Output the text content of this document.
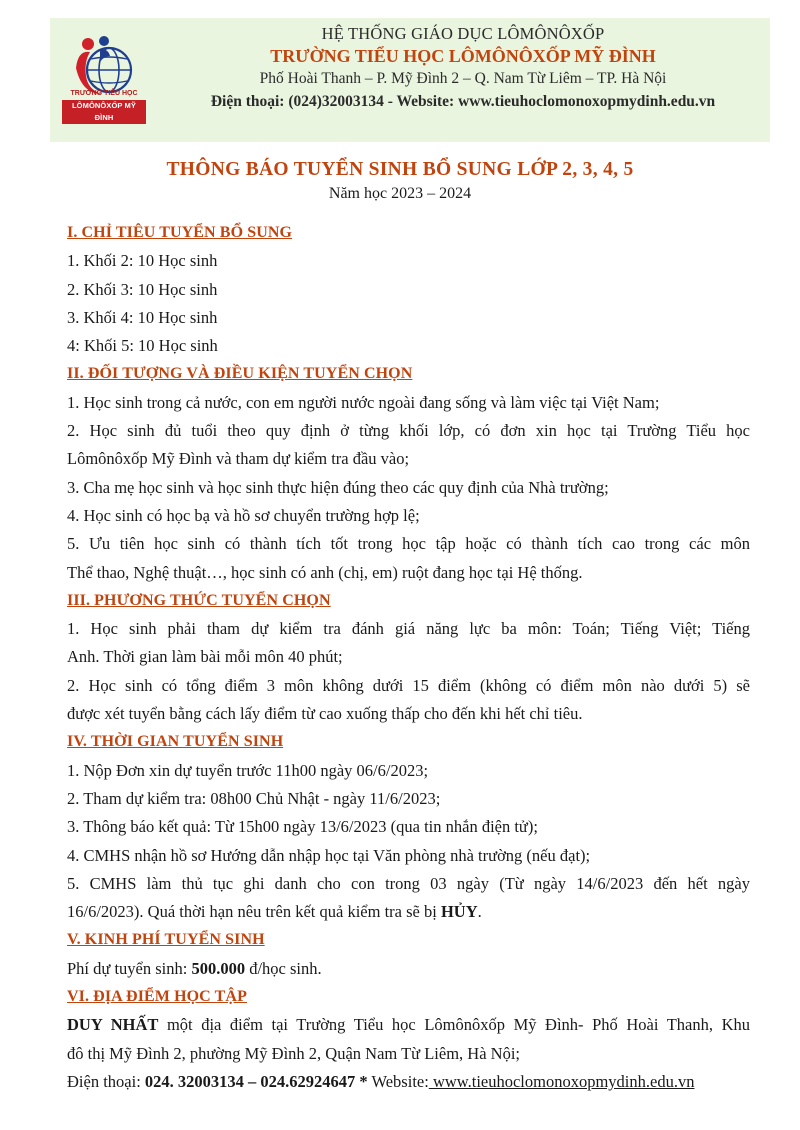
TRƯỜNG TIỂU HỌC
LÔMÔNÔXỐP MỸ ĐÌNH
HỆ THỐNG GIÁO DỤC LÔMÔNÔXỐP
TRƯỜNG TIỂU HỌC LÔMÔNÔXỐP MỸ ĐÌNH
Phố Hoài Thanh – P. Mỹ Đình 2 – Q. Nam Từ Liêm – TP. Hà Nội
Điện thoại: (024)32003134 - Website: www.tieuhoclomonoxopmydinh.edu.vn
THÔNG BÁO TUYỂN SINH BỔ SUNG LỚP 2, 3, 4, 5
Năm học 2023 – 2024
I. CHỈ TIÊU TUYỂN BỔ SUNG
1. Khối 2: 10 Học sinh
2. Khối 3: 10 Học sinh
3. Khối 4: 10 Học sinh
4: Khối 5: 10 Học sinh
II. ĐỐI TƯỢNG VÀ ĐIỀU KIỆN TUYỂN CHỌN
1. Học sinh trong cả nước, con em người nước ngoài đang sống và làm việc tại Việt Nam;
2. Học sinh đủ tuổi theo quy định ở từng khối lớp, có đơn xin học tại Trường Tiểu học
Lômônôxốp Mỹ Đình và tham dự kiểm tra đầu vào;
3. Cha mẹ học sinh và học sinh thực hiện đúng theo các quy định của Nhà trường;
4. Học sinh có học bạ và hồ sơ chuyển trường hợp lệ;
5. Ưu tiên học sinh có thành tích tốt trong học tập hoặc có thành tích cao trong các môn
Thể thao, Nghệ thuật…, học sinh có anh (chị, em) ruột đang học tại Hệ thống.
III. PHƯƠNG THỨC TUYỂN CHỌN
1. Học sinh phải tham dự kiểm tra đánh giá năng lực ba môn: Toán; Tiếng Việt; Tiếng
Anh. Thời gian làm bài mỗi môn 40 phút;
2. Học sinh có tổng điểm 3 môn không dưới 15 điểm (không có điểm môn nào dưới 5) sẽ
được xét tuyển bằng cách lấy điểm từ cao xuống thấp cho đến khi hết chỉ tiêu.
IV. THỜI GIAN TUYỂN SINH
1. Nộp Đơn xin dự tuyển trước 11h00 ngày 06/6/2023;
2. Tham dự kiểm tra: 08h00 Chủ Nhật - ngày 11/6/2023;
3. Thông báo kết quả: Từ 15h00 ngày 13/6/2023 (qua tin nhắn điện tử);
4. CMHS nhận hồ sơ Hướng dẫn nhập học tại Văn phòng nhà trường (nếu đạt);
5. CMHS làm thủ tục ghi danh cho con trong 03 ngày (Từ ngày 14/6/2023 đến hết ngày
16/6/2023). Quá thời hạn nêu trên kết quả kiểm tra sẽ bị HỦY.
V. KINH PHÍ TUYỂN SINH
Phí dự tuyển sinh: 500.000 đ/học sinh.
VI. ĐỊA ĐIỂM HỌC TẬP
DUY NHẤT một địa điểm tại Trường Tiểu học Lômônôxốp Mỹ Đình- Phố Hoài Thanh, Khu
đô thị Mỹ Đình 2, phường Mỹ Đình 2, Quận Nam Từ Liêm, Hà Nội;
Điện thoại: 024. 32003134 – 024.62924647 * Website: www.tieuhoclomonoxopmydinh.edu.vn
